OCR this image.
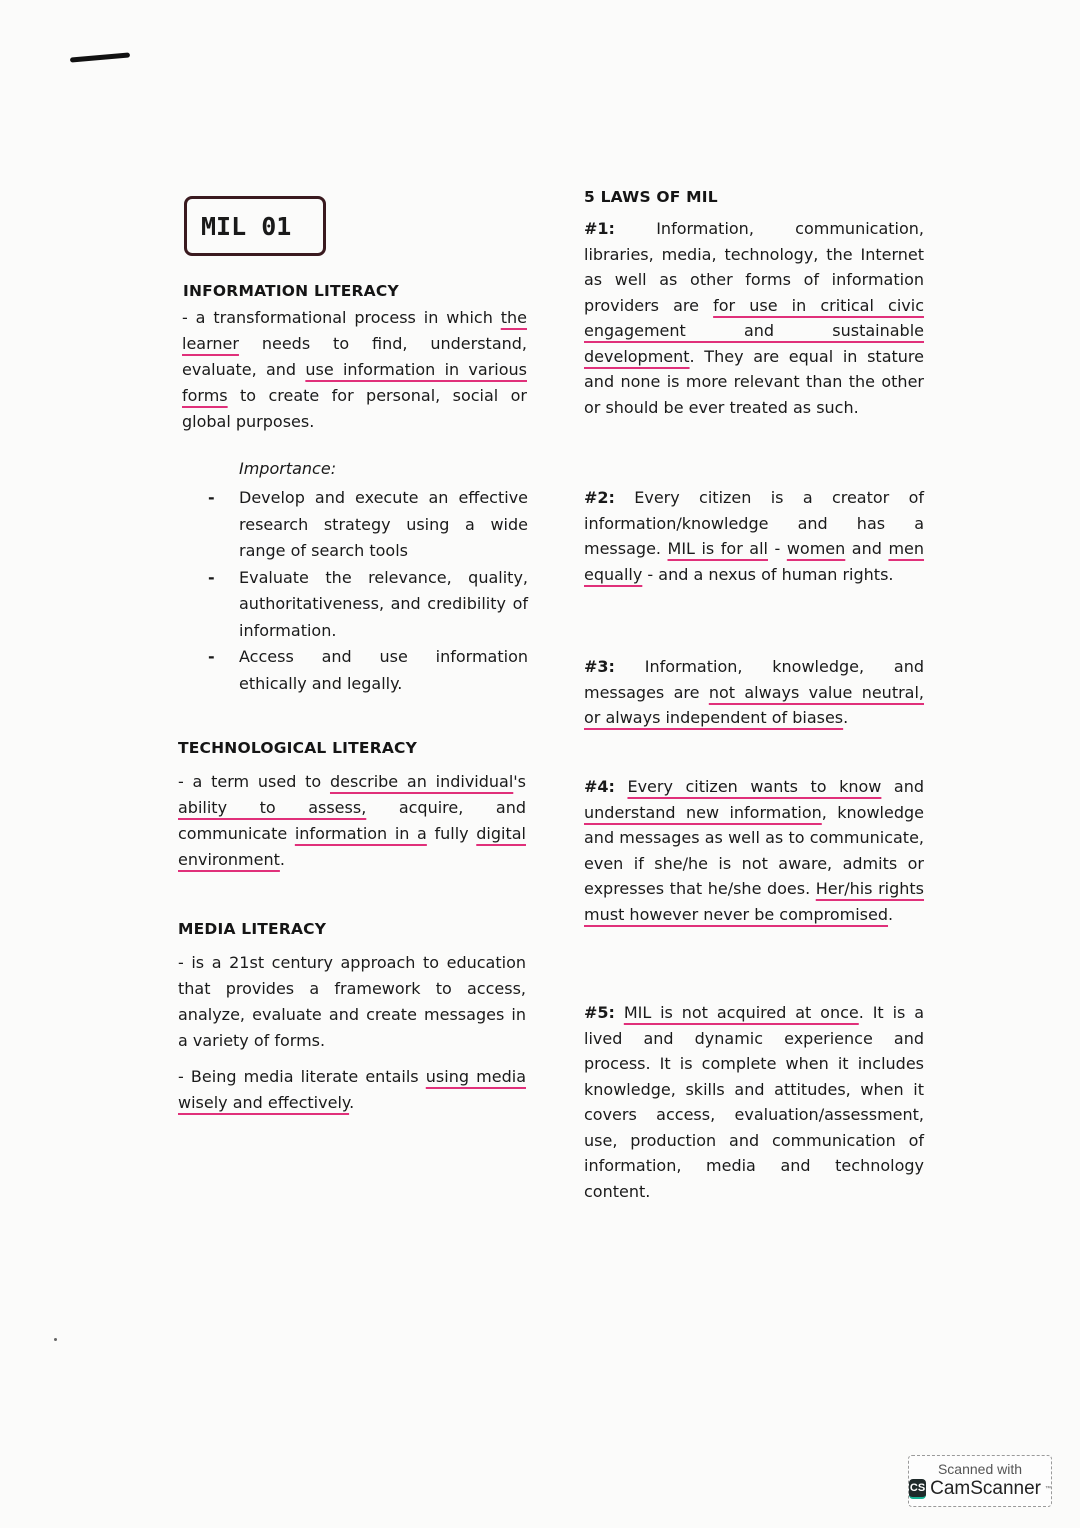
MIL 01
INFORMATION LITERACY
- a transformational process in which the learner needs to find, understand, evaluate, and use information in various forms to create for personal, social or global purposes.
Importance:
- Develop and execute an effective research strategy using a wide range of search tools
- Evaluate the relevance, quality, authoritativeness, and credibility of information.
- Access and use information ethically and legally.
TECHNOLOGICAL LITERACY
- a term used to describe an individual's ability to assess, acquire, and communicate information in a fully digital environment.
MEDIA LITERACY
- is a 21st century approach to education that provides a framework to access, analyze, evaluate and create messages in a variety of forms.
- Being media literate entails using media wisely and effectively.
5 LAWS OF MIL
#1: Information, communication, libraries, media, technology, the Internet as well as other forms of information providers are for use in critical civic engagement and sustainable development. They are equal in stature and none is more relevant than the other or should be ever treated as such.
#2: Every citizen is a creator of information/knowledge and has a message. MIL is for all - women and men equally - and a nexus of human rights.
#3: Information, knowledge, and messages are not always value neutral, or always independent of biases.
#4: Every citizen wants to know and understand new information, knowledge and messages as well as to communicate, even if she/he is not aware, admits or expresses that he/she does. Her/his rights must however never be compromised.
#5: MIL is not acquired at once. It is a lived and dynamic experience and process. It is complete when it includes knowledge, skills and attitudes, when it covers access, evaluation/assessment, use, production and communication of information, media and technology content.
Scanned with
CS CamScanner ™
